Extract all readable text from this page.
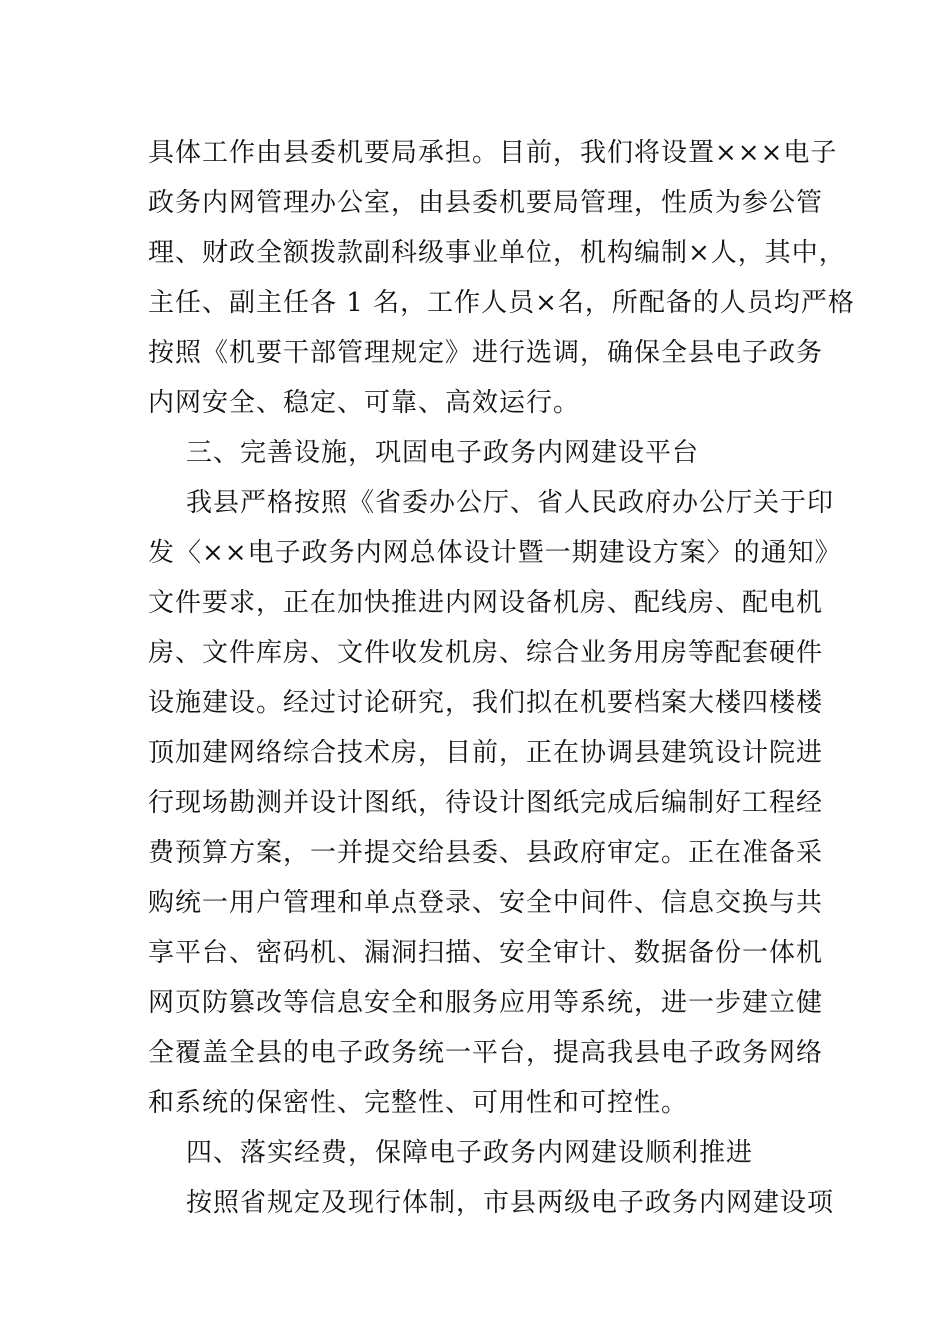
具体工作由县委机要局承担。目前，我们将设置×××电子
政务内网管理办公室，由县委机要局管理，性质为参公管
理、财政全额拨款副科级事业单位，机构编制×人，其中，
主任、副主任各 1 名，工作人员×名，所配备的人员均严格
按照《机要干部管理规定》进行选调，确保全县电子政务
内网安全、稳定、可靠、高效运行。
三、完善设施，巩固电子政务内网建设平台
我县严格按照《省委办公厅、省人民政府办公厅关于印
发〈××电子政务内网总体设计暨一期建设方案〉的通知》
文件要求，正在加快推进内网设备机房、配线房、配电机
房、文件库房、文件收发机房、综合业务用房等配套硬件
设施建设。经过讨论研究，我们拟在机要档案大楼四楼楼
顶加建网络综合技术房，目前，正在协调县建筑设计院进
行现场勘测并设计图纸，待设计图纸完成后编制好工程经
费预算方案，一并提交给县委、县政府审定。正在准备采
购统一用户管理和单点登录、安全中间件、信息交换与共
享平台、密码机、漏洞扫描、安全审计、数据备份一体机
网页防篡改等信息安全和服务应用等系统，进一步建立健
全覆盖全县的电子政务统一平台，提高我县电子政务网络
和系统的保密性、完整性、可用性和可控性。
四、落实经费，保障电子政务内网建设顺利推进
按照省规定及现行体制，市县两级电子政务内网建设项
